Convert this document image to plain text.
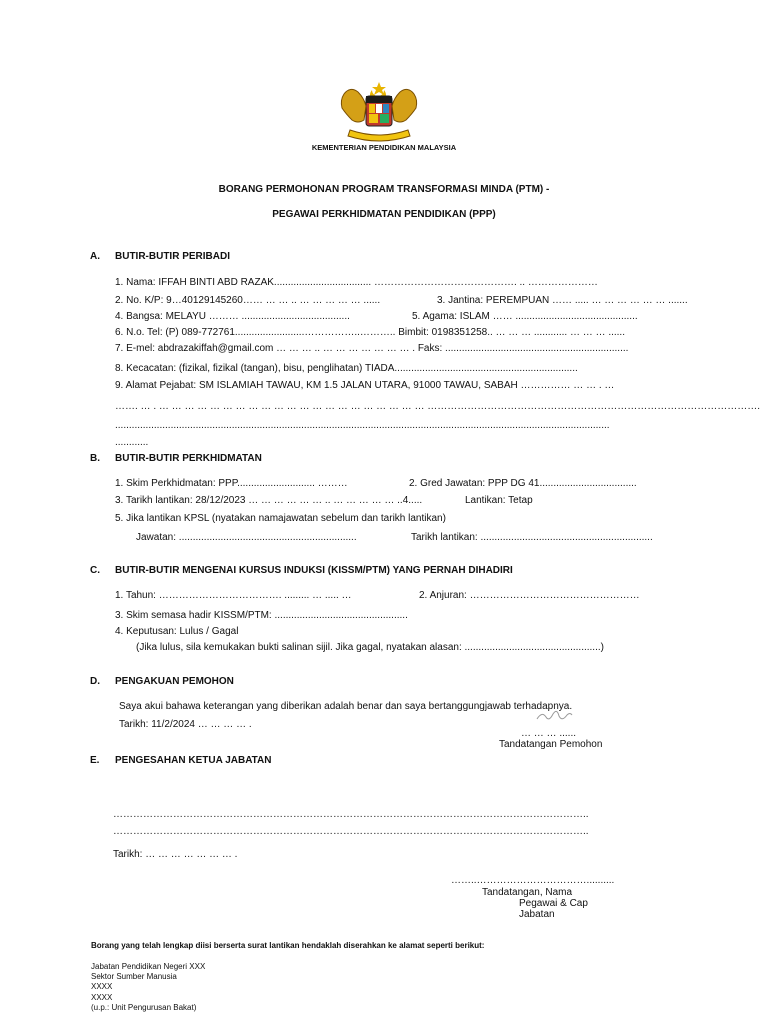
KEMENTERIAN PENDIDIKAN MALAYSIA
BORANG PERMOHONAN PROGRAM TRANSFORMASI MINDA (PTM) -
PEGAWAI PERKHIDMATAN PENDIDIKAN (PPP)
A. BUTIR-BUTIR PERIBADI
1. Nama: IFFAH BINTI ABD RAZAK................................... ……………………………………. .. …………………
2. No. K/P: 9…40129145260…… … … .. … … … … … ......	3. Jantina: PEREMPUAN …… ..... … … … … … … .......
4. Bangsa: MELAYU ……… .......................................	5. Agama: ISLAM …… ............................................
6. N.o. Tel: (P) 089-772761.........................……………..……….. Bimbit: 0198351258.. … … … ............ … … … ......
7. E-mel: abdrazakiffah@gmail.com … … … .. … … … … … … … . Faks: ..................................................................
8. Kecacatan: (fizikal, fizikal (tangan), bisu, penglihatan) TIADA..................................................................
9. Alamat Pejabat: SM ISLAMIAH TAWAU, KM 1.5 JALAN UTARA, 91000 TAWAU, SABAH …………… … … . …
……. … . … … … … … … … … … … … … … … … … … … … … … ……………………………………………………………………………………….
..................................................................................................................................................................................
............
B. BUTIR-BUTIR PERKHIDMATAN
1. Skim Perkhidmatan: PPP............................ ………	2. Gred Jawatan: PPP DG 41...................................
3. Tarikh lantikan: 28/12/2023 … … … … … … .. … … … … … ..4.....	Lantikan: Tetap
5. Jika lantikan KPSL (nyatakan namajawatan sebelum dan tarikh lantikan)
Jawatan: ................................................................	Tarikh lantikan: ..............................................................
C. BUTIR-BUTIR MENGENAI KURSUS INDUKSI (KISSM/PTM) YANG PERNAH DIHADIRI
1. Tahun: ………………………………. ......... … ..... …	2. Anjuran: ……………………………………………
3. Skim semasa hadir KISSM/PTM: ................................................
4. Keputusan: Lulus / Gagal
(Jika lulus, sila kemukakan bukti salinan sijil. Jika gagal, nyatakan alasan: .................................................)
D. PENGAKUAN PEMOHON
Saya akui bahawa keterangan yang diberikan adalah benar dan saya bertanggungjawab terhadapnya.
Tarikh: 11/2/2024 … … … … .
… … … ......
Tandatangan Pemohon
E. PENGESAHAN KETUA JABATAN
……………………………………………………………………………………………………………………………..
……………………………………………………………………………………………………………………………..
Tarikh: … … … … … … … .
……..……………………………..........
Tandatangan, Nama
Pegawai & Cap
Jabatan
Borang yang telah lengkap diisi berserta surat lantikan hendaklah diserahkan ke alamat seperti berikut:
Jabatan Pendidikan Negeri XXX
Sektor Sumber Manusia
XXXX
XXXX
(u.p.: Unit Pengurusan Bakat)
